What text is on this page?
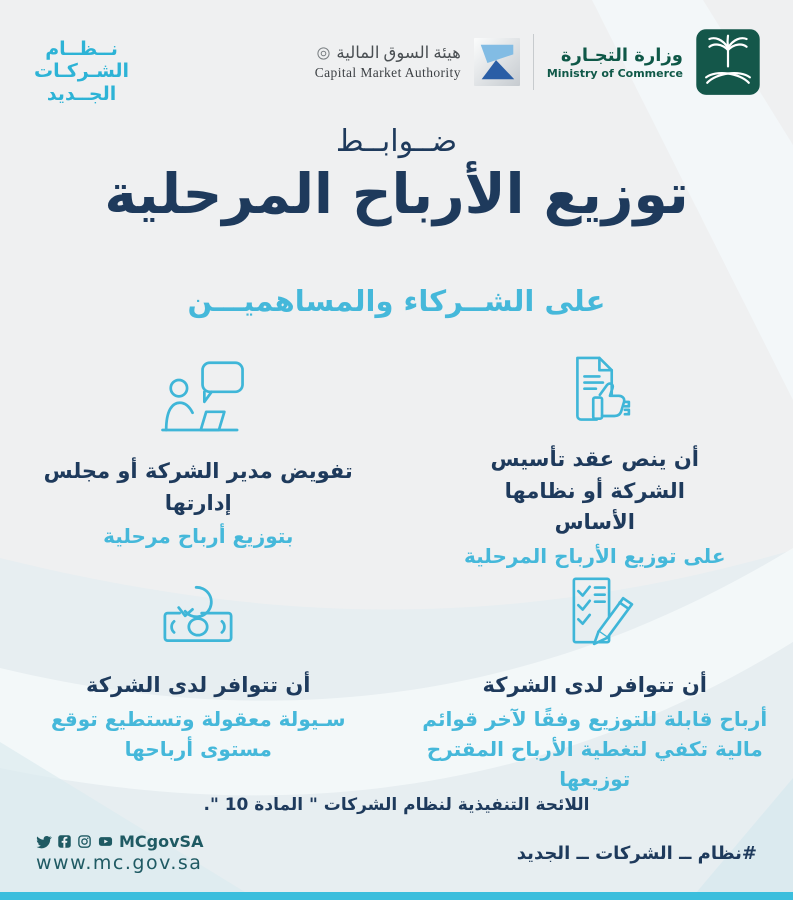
نــظــام
الشـركـات
الجــديد
هيئة السوق المالية
Capital Market Authority
وزارة التجـارة
Ministry of Commerce
ضــوابــط
توزيع الأرباح المرحلية
على الشــركاء والمساهميـــن
أن ينص عقد تأسيس الشركة أو نظامها الأساس
على توزيع الأرباح المرحلية
تفويض مدير الشركة أو مجلس إدارتها
بتوزيع أرباح مرحلية
أن تتوافر لدى الشركة
أرباح قابلة للتوزيع وفقًا لآخر قوائم مالية تكفي لتغطية الأرباح المقترح توزيعها
أن تتوافر لدى الشركة
سـيولة معقولة وتستطيع توقع مستوى أرباحها
اللائحة التنفيذية لنظام الشركات " المادة 10 ".
MCgovSA
www.mc.gov.sa	#نظام ــ الشركات ــ الجديد
